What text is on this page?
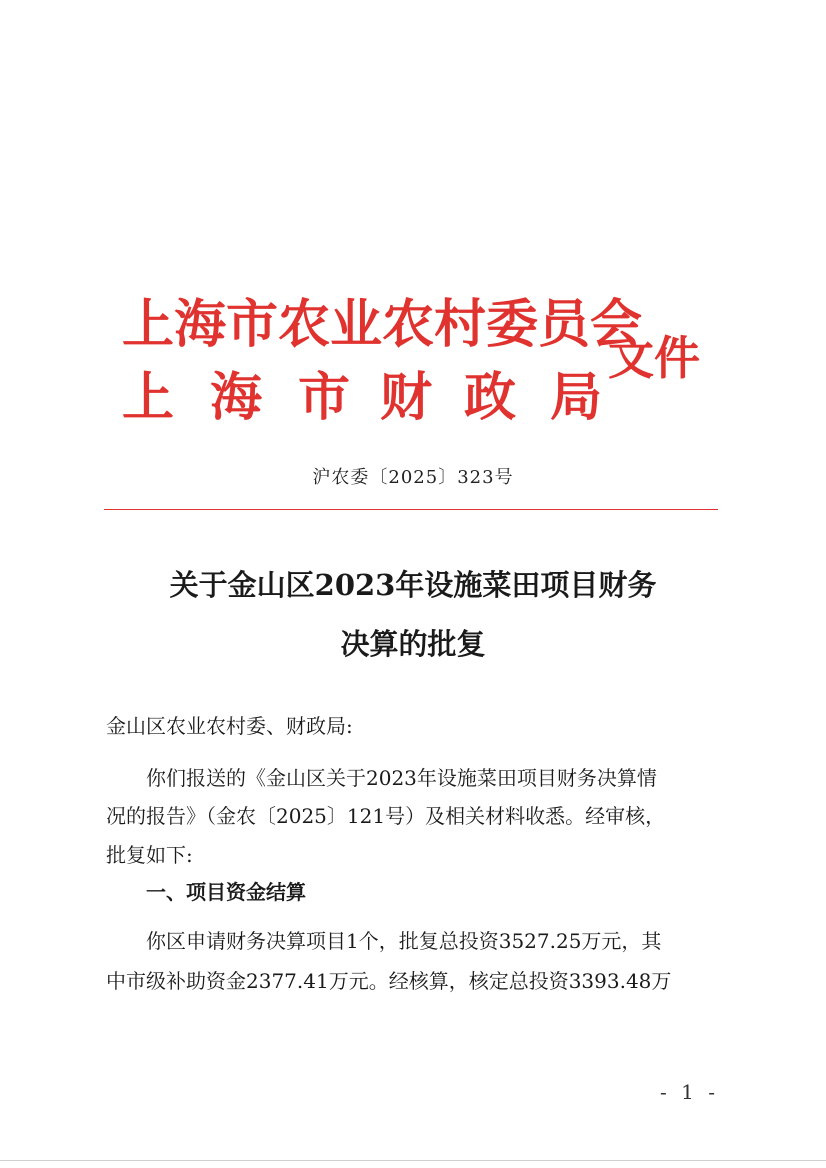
上海市农业农村委员会
上 海 市 财 政 局
文件
沪农委〔2025〕323号
关于金山区2023年设施菜田项目财务
决算的批复
金山区农业农村委、财政局:
你们报送的《金山区关于2023年设施菜田项目财务决算情
况的报告》（金农〔2025〕121号）及相关材料收悉。经审核，
批复如下:
一、项目资金结算
你区申请财务决算项目1个，批复总投资3527.25万元，其
中市级补助资金2377.41万元。经核算，核定总投资3393.48万
- 1 -
